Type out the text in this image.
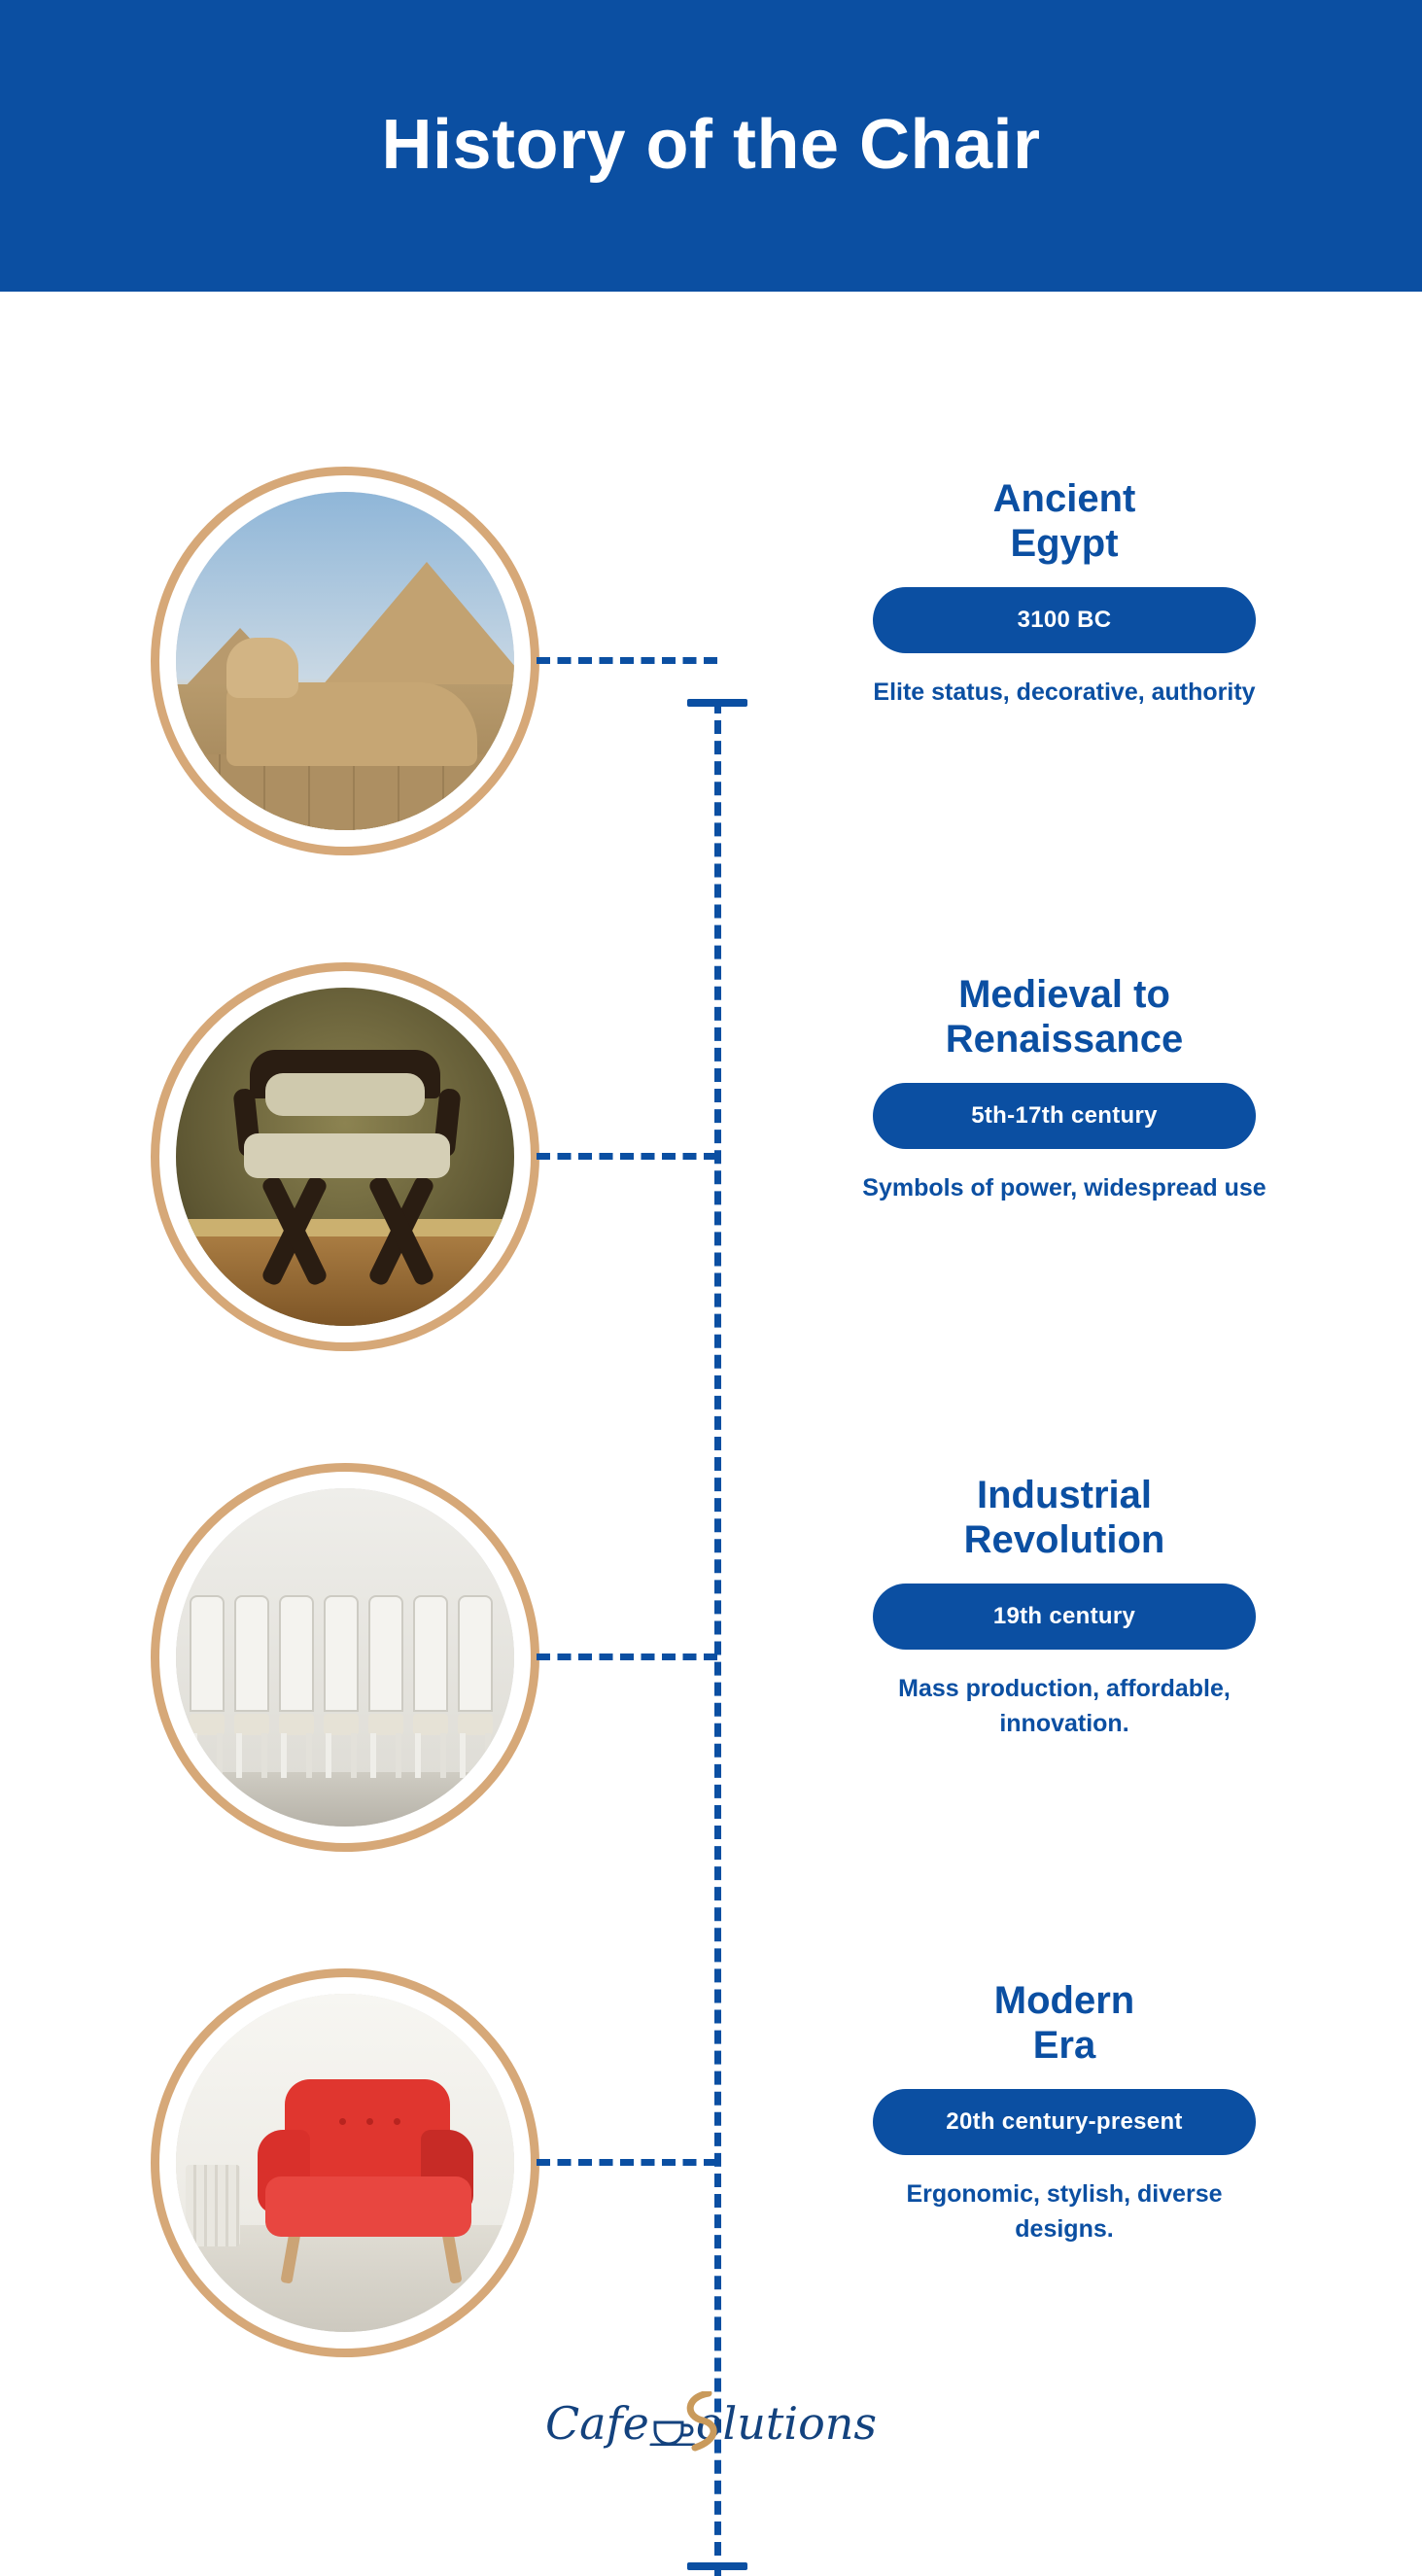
History of the Chair
Ancient
Egypt
3100 BC
Elite status, decorative, authority
Medieval to
Renaissance
5th-17th century
Symbols of power, widespread use
Industrial
Revolution
19th century
Mass production, affordable, innovation.
Modern
Era
20th century-present
Ergonomic, stylish, diverse designs.
Cafe olutions
